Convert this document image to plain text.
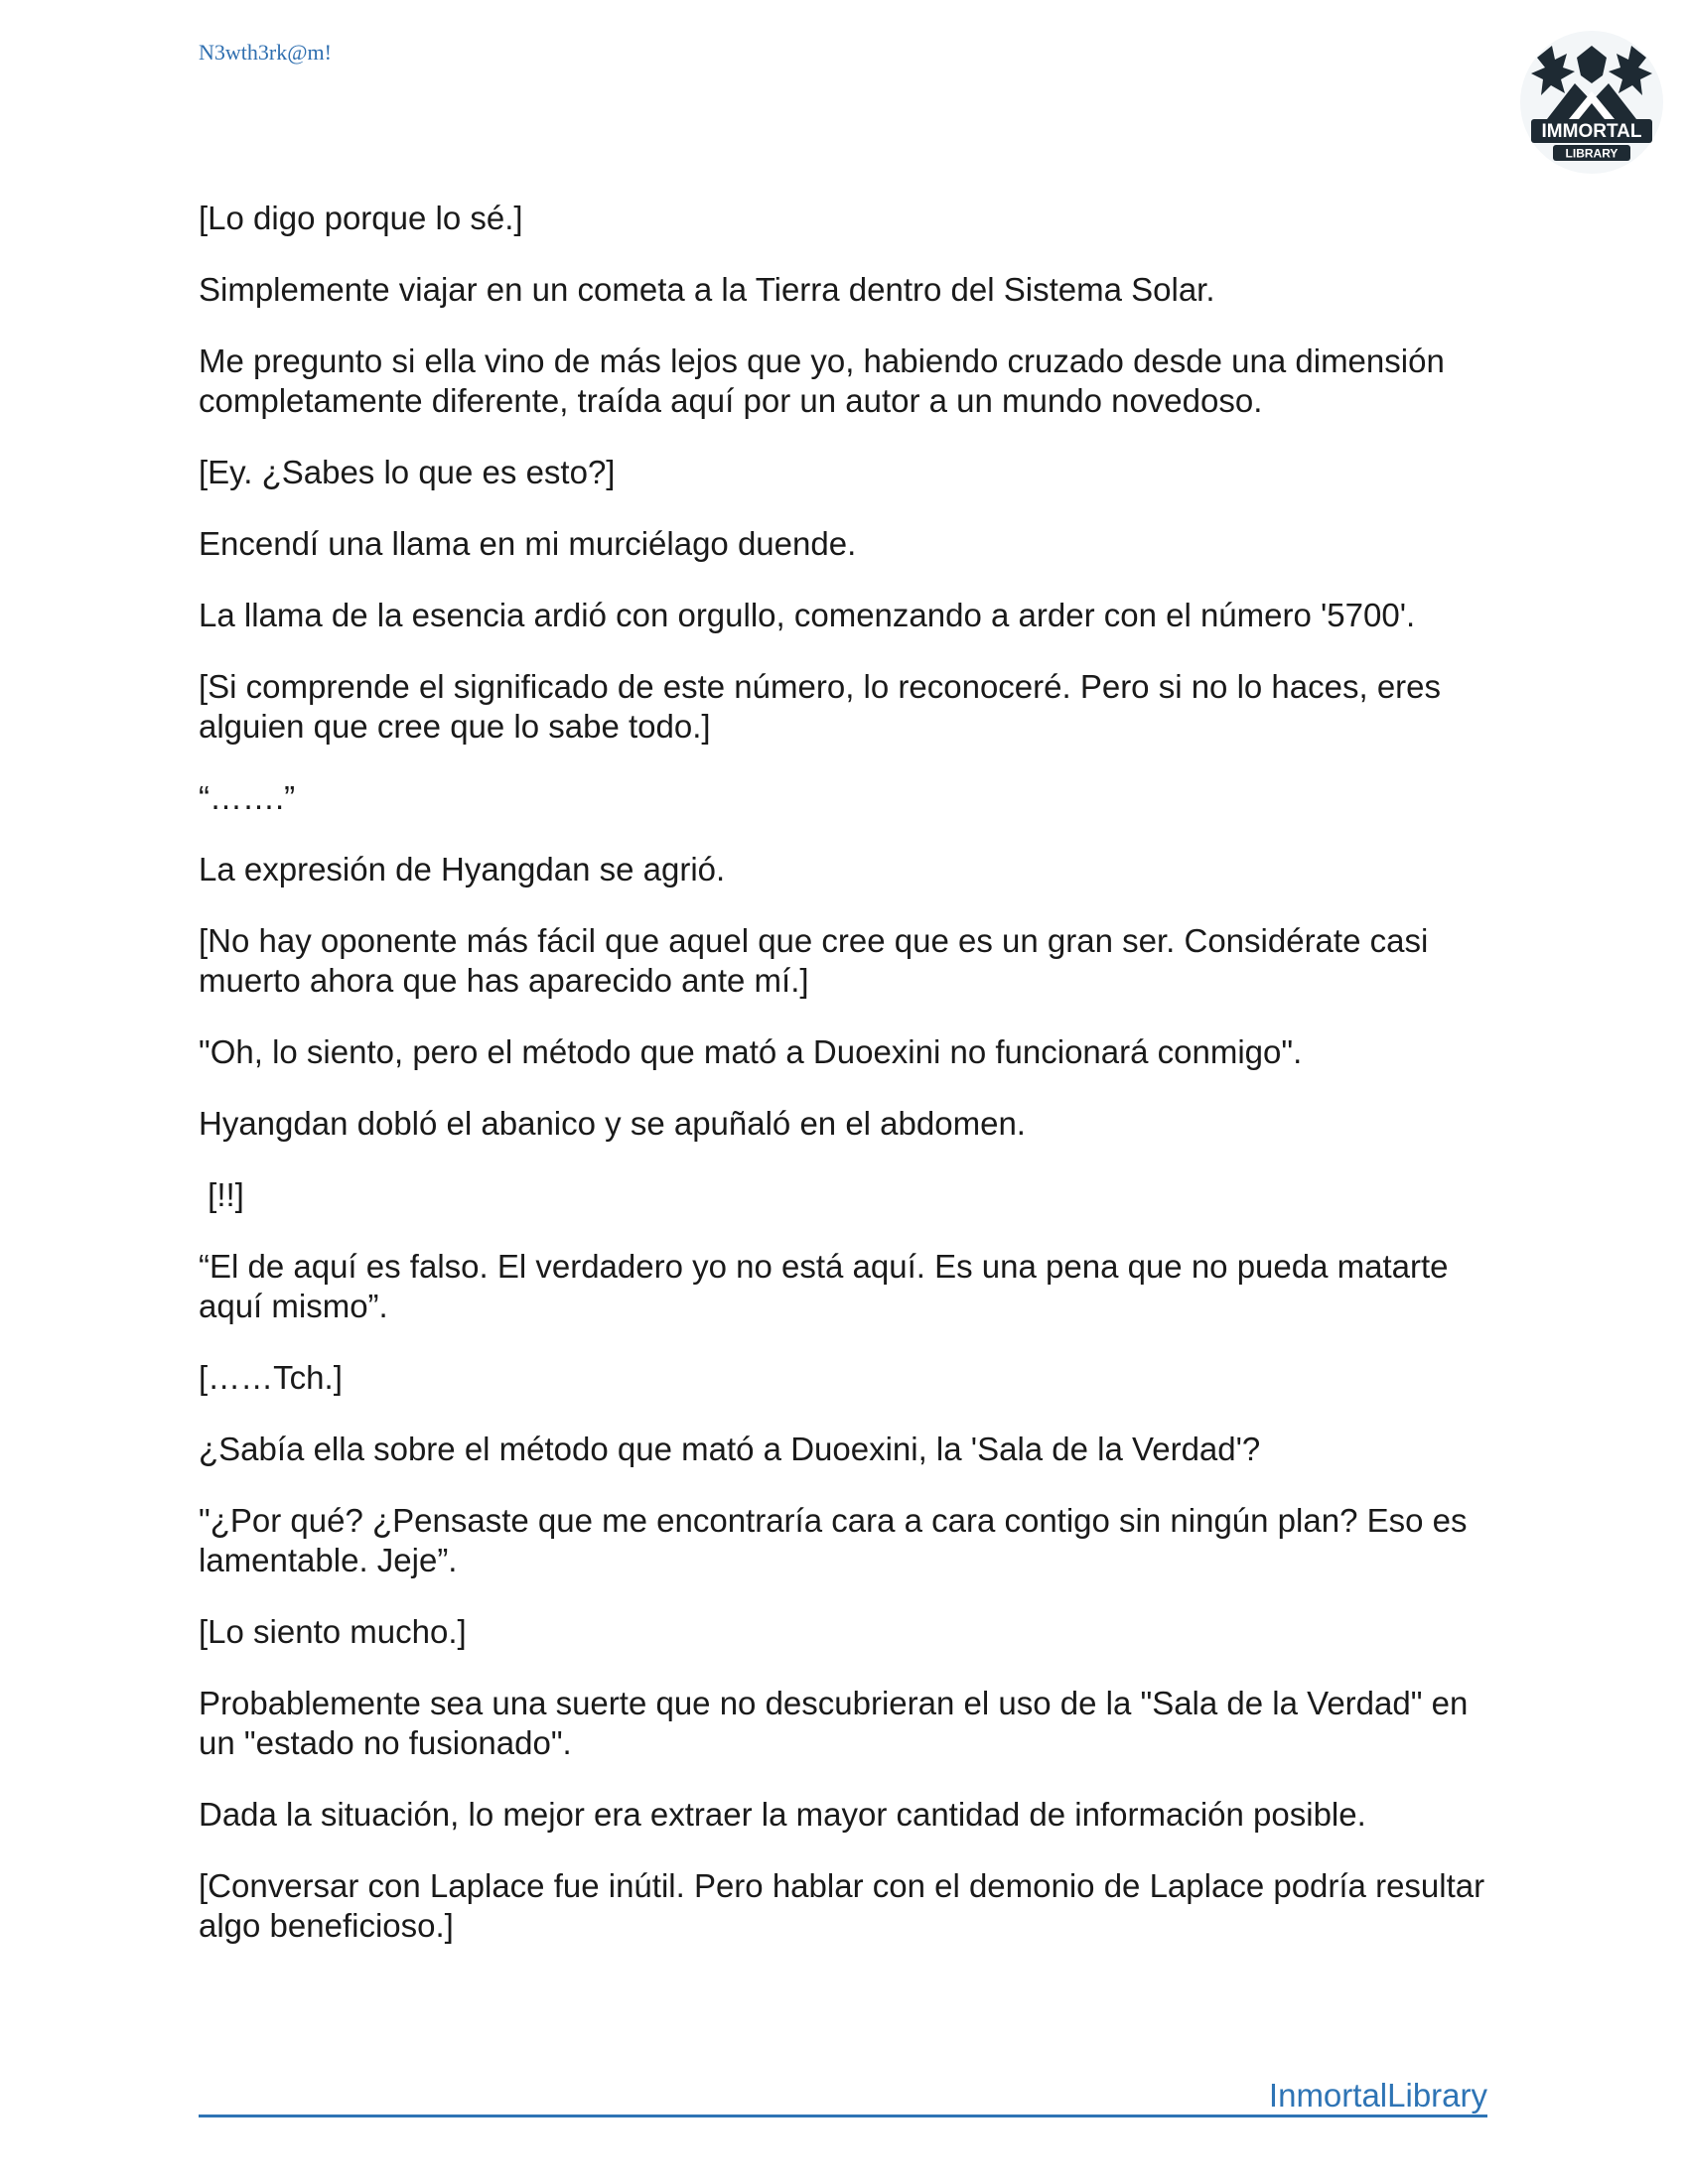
N3wth3rk@m!
IMMORTAL
LIBRARY

[Lo digo porque lo sé.]

Simplemente viajar en un cometa a la Tierra dentro del Sistema Solar.

Me pregunto si ella vino de más lejos que yo, habiendo cruzado desde una dimensión completamente diferente, traída aquí por un autor a un mundo novedoso.

[Ey. ¿Sabes lo que es esto?]

Encendí una llama en mi murciélago duende.

La llama de la esencia ardió con orgullo, comenzando a arder con el número '5700'.

[Si comprende el significado de este número, lo reconoceré. Pero si no lo haces, eres alguien que cree que lo sabe todo.]

“…….”

La expresión de Hyangdan se agrió.

[No hay oponente más fácil que aquel que cree que es un gran ser. Considérate casi muerto ahora que has aparecido ante mí.]

"Oh, lo siento, pero el método que mató a Duoexini no funcionará conmigo".

Hyangdan dobló el abanico y se apuñaló en el abdomen.

[!!]

“El de aquí es falso. El verdadero yo no está aquí. Es una pena que no pueda matarte aquí mismo”.

[……Tch.]

¿Sabía ella sobre el método que mató a Duoexini, la 'Sala de la Verdad'?

"¿Por qué? ¿Pensaste que me encontraría cara a cara contigo sin ningún plan? Eso es lamentable. Jeje”.

[Lo siento mucho.]

Probablemente sea una suerte que no descubrieran el uso de la "Sala de la Verdad" en un "estado no fusionado".

Dada la situación, lo mejor era extraer la mayor cantidad de información posible.

[Conversar con Laplace fue inútil. Pero hablar con el demonio de Laplace podría resultar algo beneficioso.]

InmortalLibrary
